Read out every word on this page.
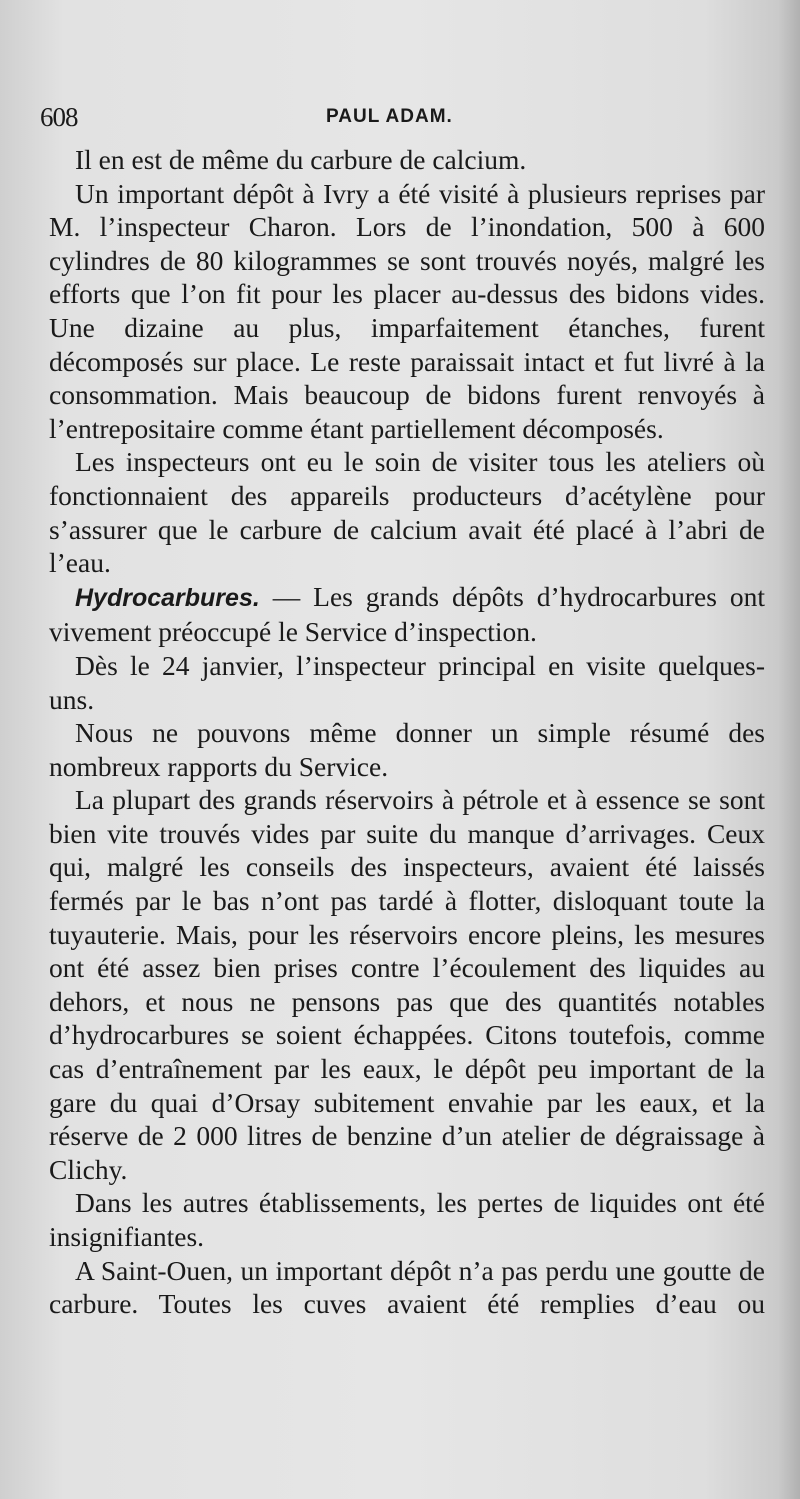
608	PAUL ADAM.

Il en est de même du carbure de calcium.

Un important dépôt à Ivry a été visité à plusieurs reprises par M. l’inspecteur Charon. Lors de l’inondation, 500 à 600 cylindres de 80 kilogrammes se sont trouvés noyés, malgré les efforts que l’on fit pour les placer au-dessus des bidons vides. Une dizaine au plus, imparfaitement étanches, furent décomposés sur place. Le reste paraissait intact et fut livré à la consommation. Mais beaucoup de bidons furent renvoyés à l’entrepositaire comme étant partiellement décomposés.

Les inspecteurs ont eu le soin de visiter tous les ateliers où fonctionnaient des appareils producteurs d’acétylène pour s’assurer que le carbure de calcium avait été placé à l’abri de l’eau.

Hydrocarbures. — Les grands dépôts d’hydrocarbures ont vivement préoccupé le Service d’inspection.

Dès le 24 janvier, l’inspecteur principal en visite quelques-uns.

Nous ne pouvons même donner un simple résumé des nombreux rapports du Service.

La plupart des grands réservoirs à pétrole et à essence se sont bien vite trouvés vides par suite du manque d’arrivages. Ceux qui, malgré les conseils des inspecteurs, avaient été laissés fermés par le bas n’ont pas tardé à flotter, disloquant toute la tuyauterie. Mais, pour les réservoirs encore pleins, les mesures ont été assez bien prises contre l’écoulement des liquides au dehors, et nous ne pensons pas que des quantités notables d’hydrocarbures se soient échappées. Citons toutefois, comme cas d’entraînement par les eaux, le dépôt peu important de la gare du quai d’Orsay subitement envahie par les eaux, et la réserve de 2 000 litres de benzine d’un atelier de dégraissage à Clichy.

Dans les autres établissements, les pertes de liquides ont été insignifiantes.

A Saint-Ouen, un important dépôt n’a pas perdu une goutte de carbure. Toutes les cuves avaient été remplies d’eau ou
